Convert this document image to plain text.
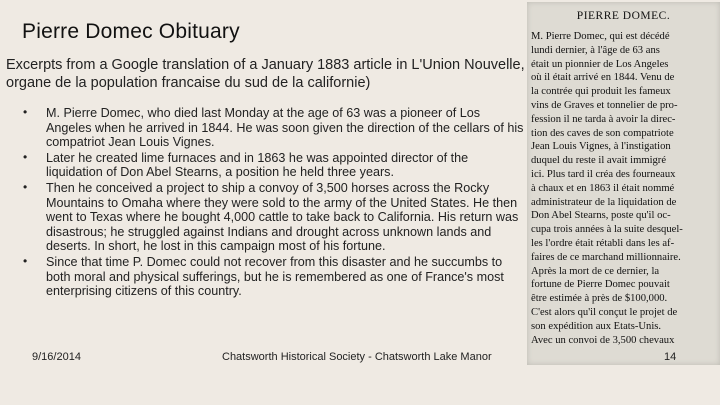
Pierre Domec Obituary
Excerpts from a Google translation of a January 1883 article in L'Union Nouvelle, organe de la population francaise du sud de la californie)
• M. Pierre Domec, who died last Monday at the age of 63 was a pioneer of Los Angeles when he arrived in 1844. He was soon given the direction of the cellars of his compatriot Jean Louis Vignes.
• Later he created lime furnaces and in 1863 he was appointed director of the liquidation of Don Abel Stearns, a position he held three years.
• Then he conceived a project to ship a convoy of 3,500 horses across the Rocky Mountains to Omaha where they were sold to the army of the United States. He then went to Texas where he bought 4,000 cattle to take back to California. His return was disastrous; he struggled against Indians and drought across unknown lands and deserts. In short, he lost in this campaign most of his fortune.
• Since that time P. Domec could not recover from this disaster and he succumbs to both moral and physical sufferings, but he is remembered as one of France's most enterprising citizens of this country.
PIERRE DOMEC.
M. Pierre Domec, qui est décédé
lundi dernier, à l'âge de 63 ans
était un pionnier de Los Angeles
où il était arrivé en 1844. Venu de
la contrée qui produit les fameux
vins de Graves et tonnelier de pro-
fession il ne tarda à avoir la direc-
tion des caves de son compatriote
Jean Louis Vignes, à l'instigation
duquel du reste il avait immigré
ici. Plus tard il créa des fourneaux
à chaux et en 1863 il était nommé
administrateur de la liquidation de
Don Abel Stearns, poste qu'il oc-
cupa trois années à la suite desquel-
les l'ordre était rétabli dans les af-
faires de ce marchand millionnaire.
Après la mort de ce dernier, la
fortune de Pierre Domec pouvait
être estimée à près de $100,000.
C'est alors qu'il conçut le projet de
son expédition aux Etats-Unis.
Avec un convoi de 3,500 chevaux
9/16/2014	Chatsworth Historical Society - Chatsworth Lake Manor	14
